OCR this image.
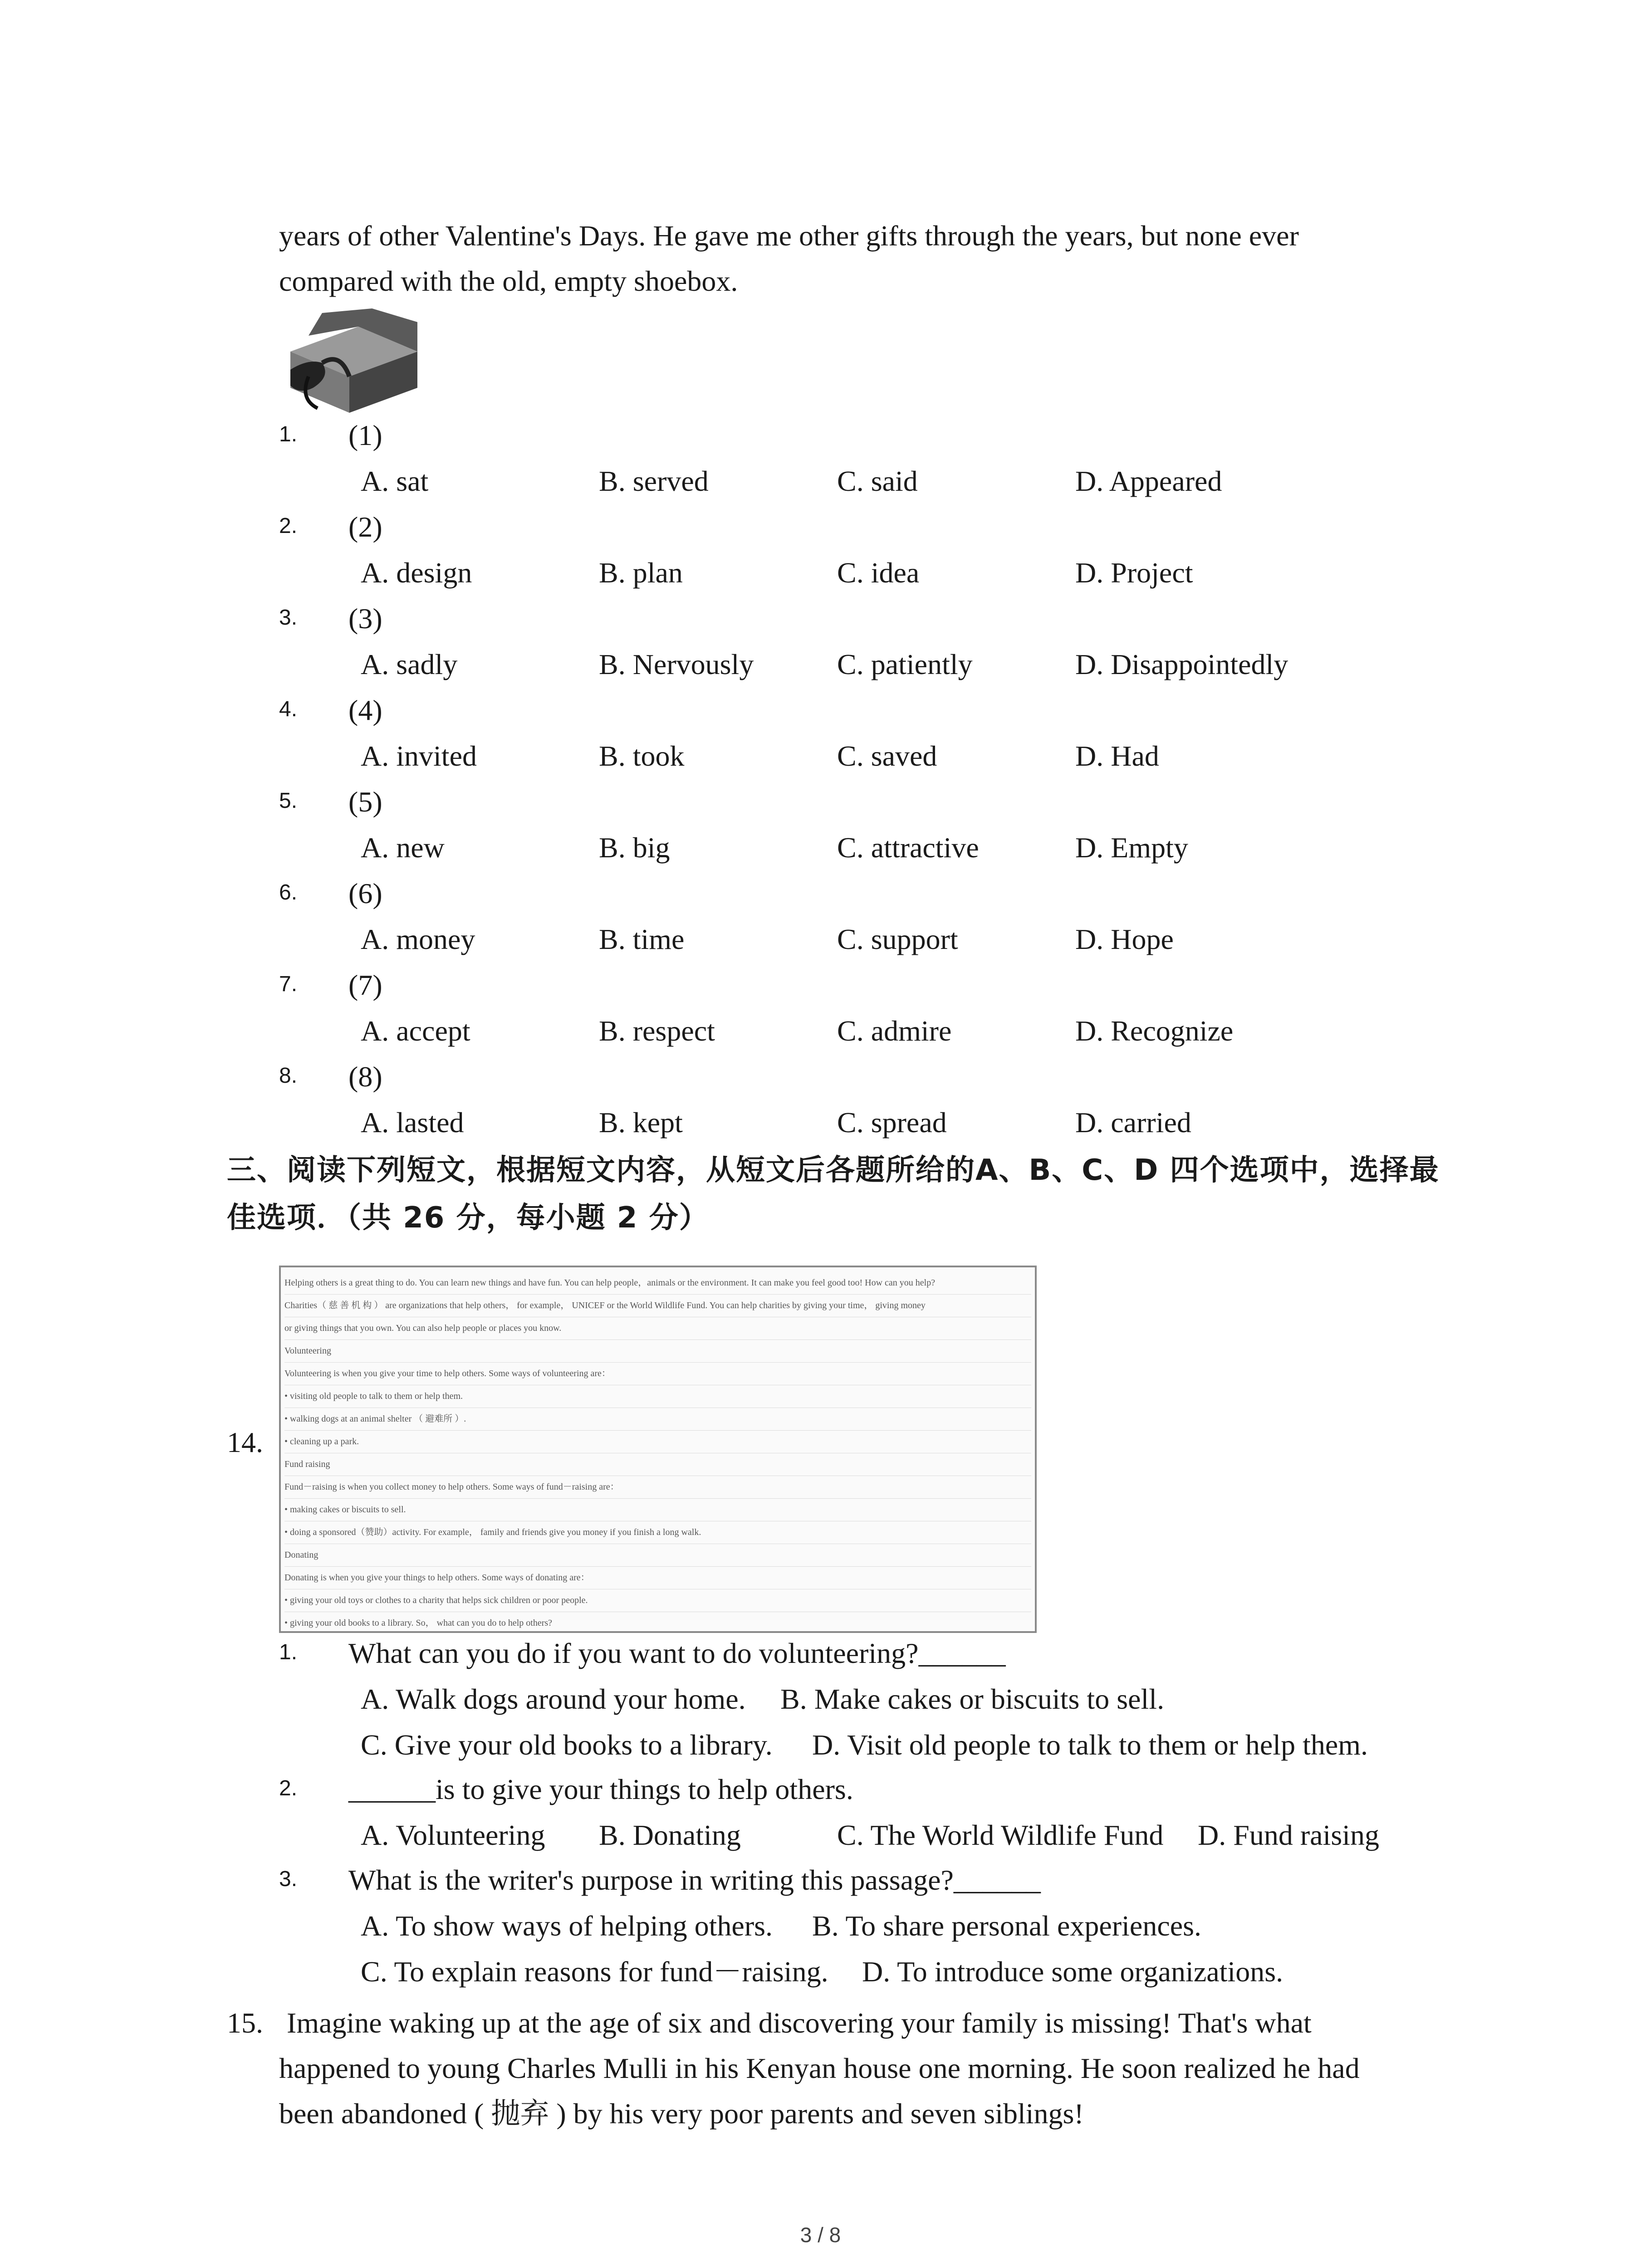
years of other Valentine's Days. He gave me other gifts through the years, but none ever
compared with the old, empty shoebox.
1. (1)
A. sat	B. served	C. said	D. Appeared
2. (2)
A. design	B. plan	C. idea	D. Project
3. (3)
A. sadly	B. Nervously	C. patiently	D. Disappointedly
4. (4)
A. invited	B. took	C. saved	D. Had
5. (5)
A. new	B. big	C. attractive	D. Empty
6. (6)
A. money	B. time	C. support	D. Hope
7. (7)
A. accept	B. respect	C. admire	D. Recognize
8. (8)
A. lasted	B. kept	C. spread	D. carried
三、阅读下列短文，根据短文内容，从短文后各题所给的A、B、C、D 四个选项中，选择最
佳选项．（共 26 分，每小题 2 分）
14.
Helping others is a great thing to do. You can learn new things and have fun. You can help people，animals or the environment. It can make you feel good too! How can you help?
Charities（ 慈 善 机 构 ） are organizations that help others， for example， UNICEF or the World Wildlife Fund. You can help charities by giving your time， giving money
or giving things that you own. You can also help people or places you know.
Volunteering
Volunteering is when you give your time to help others. Some ways of volunteering are：
• visiting old people to talk to them or help them.
• walking dogs at an animal shelter （ 避难所 ）.
• cleaning up a park.
Fund raising
Fund－raising is when you collect money to help others. Some ways of fund－raising are：
• making cakes or biscuits to sell.
• doing a sponsored（赞助）activity. For example， family and friends give you money if you finish a long walk.
Donating
Donating is when you give your things to help others. Some ways of donating are：
• giving your old toys or clothes to a charity that helps sick children or poor people.
• giving your old books to a library. So， what can you do to help others?
1. What can you do if you want to do volunteering?______
A. Walk dogs around your home. B. Make cakes or biscuits to sell.
C. Give your old books to a library. D. Visit old people to talk to them or help them.
2. ______is to give your things to help others.
A. Volunteering B. Donating	C. The World Wildlife Fund D. Fund raising
3. What is the writer's purpose in writing this passage?______
A. To show ways of helping others. B. To share personal experiences.
C. To explain reasons for fund－raising. D. To introduce some organizations.
15. Imagine waking up at the age of six and discovering your family is missing! That's what
happened to young Charles Mulli in his Kenyan house one morning. He soon realized he had
been abandoned ( 抛弃 ) by his very poor parents and seven siblings!
3 / 8
